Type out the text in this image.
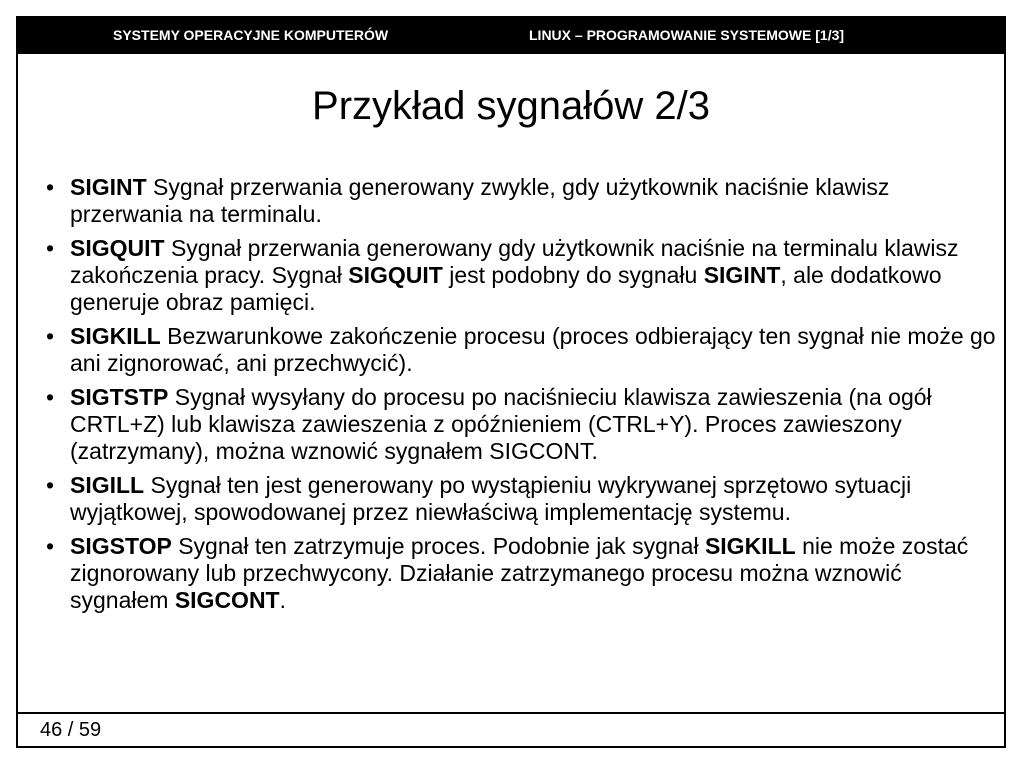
SYSTEMY OPERACYJNE KOMPUTERÓW	LINUX – PROGRAMOWANIE SYSTEMOWE [1/3]
Przykład sygnałów 2/3
• SIGINT Sygnał przerwania generowany zwykle, gdy użytkownik naciśnie klawisz przerwania na terminalu.
• SIGQUIT Sygnał przerwania generowany gdy użytkownik naciśnie na terminalu klawisz zakończenia pracy. Sygnał SIGQUIT jest podobny do sygnału SIGINT, ale dodatkowo generuje obraz pamięci.
• SIGKILL Bezwarunkowe zakończenie procesu (proces odbierający ten sygnał nie może go ani zignorować, ani przechwycić).
• SIGTSTP Sygnał wysyłany do procesu po naciśnieciu klawisza zawieszenia (na ogół CRTL+Z) lub klawisza zawieszenia z opóźnieniem (CTRL+Y). Proces zawieszony (zatrzymany), można wznowić sygnałem SIGCONT.
• SIGILL Sygnał ten jest generowany po wystąpieniu wykrywanej sprzętowo sytuacji wyjątkowej, spowodowanej przez niewłaściwą implementację systemu.
• SIGSTOP Sygnał ten zatrzymuje proces. Podobnie jak sygnał SIGKILL nie może zostać zignorowany lub przechwycony. Działanie zatrzymanego procesu można wznowić sygnałem SIGCONT.
46 / 59
